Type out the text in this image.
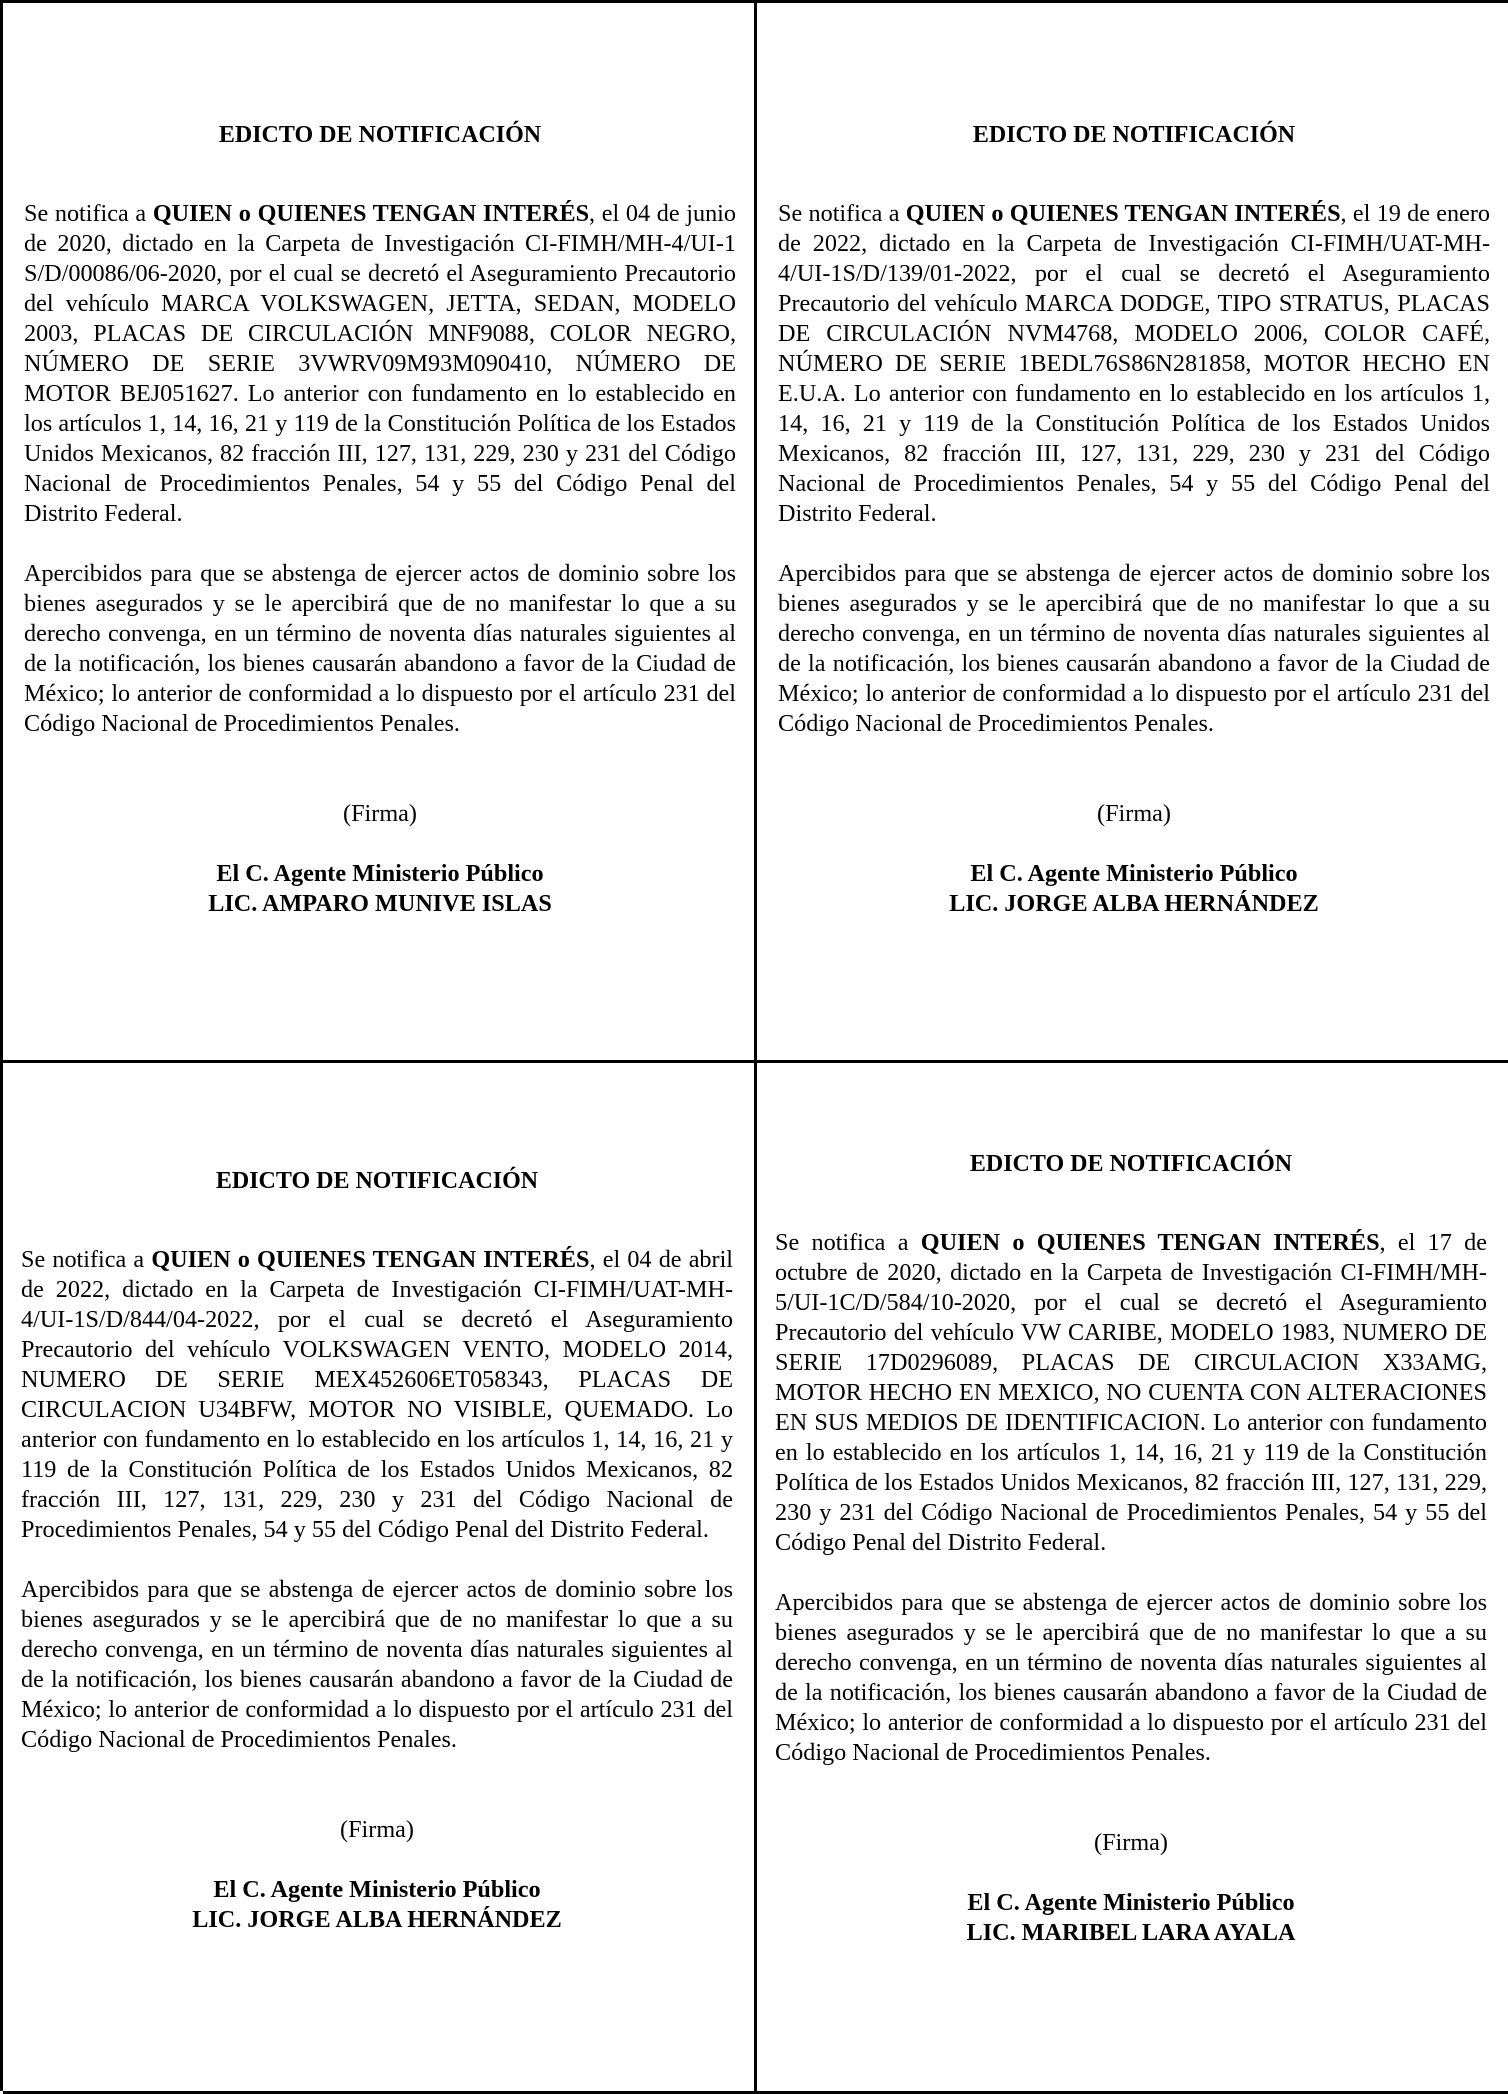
EDICTO DE NOTIFICACIÓN

Se notifica a QUIEN o QUIENES TENGAN INTERÉS, el 04 de junio de 2020, dictado en la Carpeta de Investigación CI-FIMH/MH-4/UI-1 S/D/00086/06-2020, por el cual se decretó el Aseguramiento Precautorio del vehículo MARCA VOLKSWAGEN, JETTA, SEDAN, MODELO 2003, PLACAS DE CIRCULACIÓN MNF9088, COLOR NEGRO, NÚMERO DE SERIE 3VWRV09M93M090410, NÚMERO DE MOTOR BEJ051627. Lo anterior con fundamento en lo establecido en los artículos 1, 14, 16, 21 y 119 de la Constitución Política de los Estados Unidos Mexicanos, 82 fracción III, 127, 131, 229, 230 y 231 del Código Nacional de Procedimientos Penales, 54 y 55 del Código Penal del Distrito Federal.

Apercibidos para que se abstenga de ejercer actos de dominio sobre los bienes asegurados y se le apercibirá que de no manifestar lo que a su derecho convenga, en un término de noventa días naturales siguientes al de la notificación, los bienes causarán abandono a favor de la Ciudad de México; lo anterior de conformidad a lo dispuesto por el artículo 231 del Código Nacional de Procedimientos Penales.

(Firma)
El C. Agente Ministerio Público
LIC. AMPARO MUNIVE ISLAS

EDICTO DE NOTIFICACIÓN

Se notifica a QUIEN o QUIENES TENGAN INTERÉS, el 19 de enero de 2022, dictado en la Carpeta de Investigación CI-FIMH/UAT-MH-4/UI-1S/D/139/01-2022, por el cual se decretó el Aseguramiento Precautorio del vehículo MARCA DODGE, TIPO STRATUS, PLACAS DE CIRCULACIÓN NVM4768, MODELO 2006, COLOR CAFÉ, NÚMERO DE SERIE 1BEDL76S86N281858, MOTOR HECHO EN E.U.A. Lo anterior con fundamento en lo establecido en los artículos 1, 14, 16, 21 y 119 de la Constitución Política de los Estados Unidos Mexicanos, 82 fracción III, 127, 131, 229, 230 y 231 del Código Nacional de Procedimientos Penales, 54 y 55 del Código Penal del Distrito Federal.

Apercibidos para que se abstenga de ejercer actos de dominio sobre los bienes asegurados y se le apercibirá que de no manifestar lo que a su derecho convenga, en un término de noventa días naturales siguientes al de la notificación, los bienes causarán abandono a favor de la Ciudad de México; lo anterior de conformidad a lo dispuesto por el artículo 231 del Código Nacional de Procedimientos Penales.

(Firma)
El C. Agente Ministerio Público
LIC. JORGE ALBA HERNÁNDEZ

EDICTO DE NOTIFICACIÓN

Se notifica a QUIEN o QUIENES TENGAN INTERÉS, el 04 de abril de 2022, dictado en la Carpeta de Investigación CI-FIMH/UAT-MH-4/UI-1S/D/844/04-2022, por el cual se decretó el Aseguramiento Precautorio del vehículo VOLKSWAGEN VENTO, MODELO 2014, NUMERO DE SERIE MEX452606ET058343, PLACAS DE CIRCULACION U34BFW, MOTOR NO VISIBLE, QUEMADO. Lo anterior con fundamento en lo establecido en los artículos 1, 14, 16, 21 y 119 de la Constitución Política de los Estados Unidos Mexicanos, 82 fracción III, 127, 131, 229, 230 y 231 del Código Nacional de Procedimientos Penales, 54 y 55 del Código Penal del Distrito Federal.

Apercibidos para que se abstenga de ejercer actos de dominio sobre los bienes asegurados y se le apercibirá que de no manifestar lo que a su derecho convenga, en un término de noventa días naturales siguientes al de la notificación, los bienes causarán abandono a favor de la Ciudad de México; lo anterior de conformidad a lo dispuesto por el artículo 231 del Código Nacional de Procedimientos Penales.

(Firma)
El C. Agente Ministerio Público
LIC. JORGE ALBA HERNÁNDEZ

EDICTO DE NOTIFICACIÓN

Se notifica a QUIEN o QUIENES TENGAN INTERÉS, el 17 de octubre de 2020, dictado en la Carpeta de Investigación CI-FIMH/MH-5/UI-1C/D/584/10-2020, por el cual se decretó el Aseguramiento Precautorio del vehículo VW CARIBE, MODELO 1983, NUMERO DE SERIE 17D0296089, PLACAS DE CIRCULACION X33AMG, MOTOR HECHO EN MEXICO, NO CUENTA CON ALTERACIONES EN SUS MEDIOS DE IDENTIFICACION. Lo anterior con fundamento en lo establecido en los artículos 1, 14, 16, 21 y 119 de la Constitución Política de los Estados Unidos Mexicanos, 82 fracción III, 127, 131, 229, 230 y 231 del Código Nacional de Procedimientos Penales, 54 y 55 del Código Penal del Distrito Federal.

Apercibidos para que se abstenga de ejercer actos de dominio sobre los bienes asegurados y se le apercibirá que de no manifestar lo que a su derecho convenga, en un término de noventa días naturales siguientes al de la notificación, los bienes causarán abandono a favor de la Ciudad de México; lo anterior de conformidad a lo dispuesto por el artículo 231 del Código Nacional de Procedimientos Penales.

(Firma)
El C. Agente Ministerio Público
LIC. MARIBEL LARA AYALA
